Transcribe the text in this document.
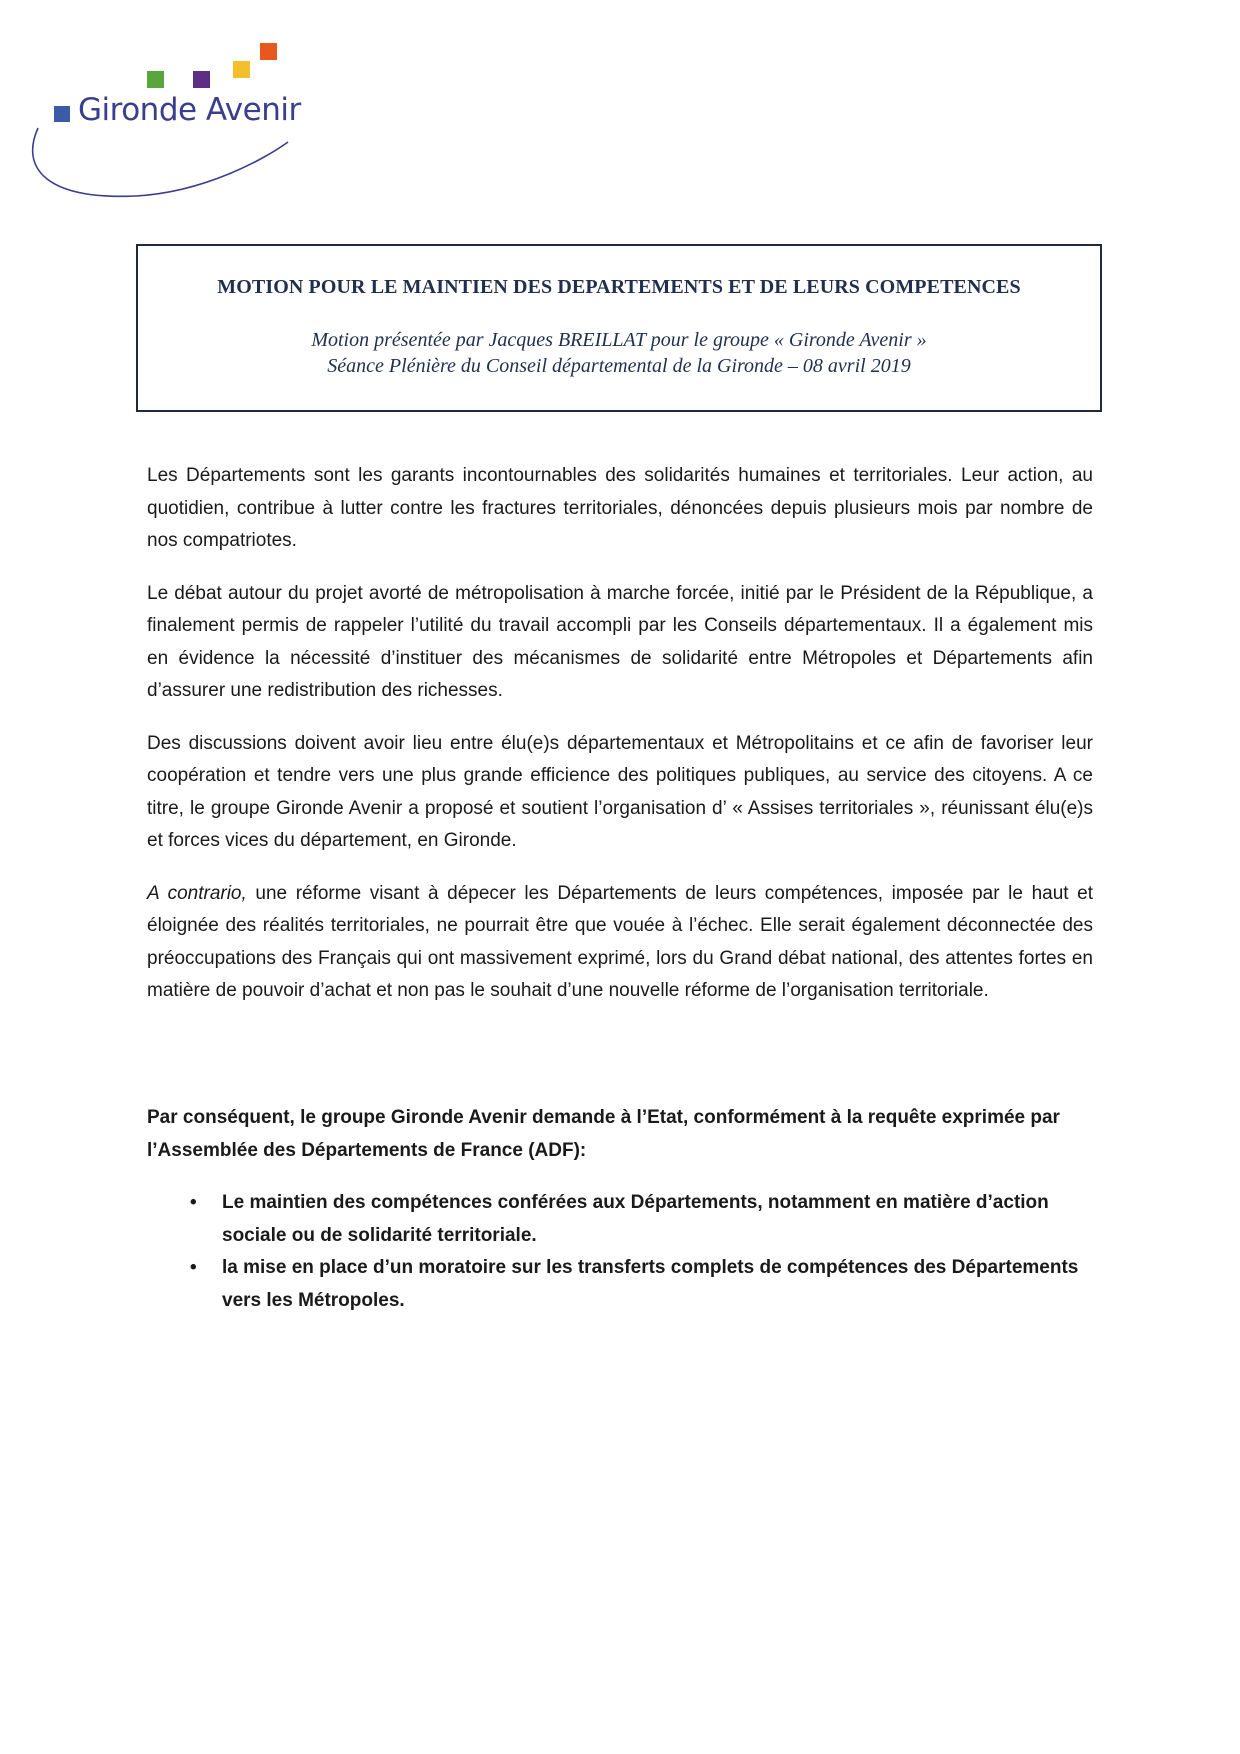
Gironde Avenir
MOTION POUR LE MAINTIEN DES DEPARTEMENTS ET DE LEURS COMPETENCES
Motion présentée par Jacques BREILLAT pour le groupe « Gironde Avenir »
Séance Plénière du Conseil départemental de la Gironde – 08 avril 2019

Les Départements sont les garants incontournables des solidarités humaines et territoriales. Leur action, au quotidien, contribue à lutter contre les fractures territoriales, dénoncées depuis plusieurs mois par nombre de nos compatriotes.

Le débat autour du projet avorté de métropolisation à marche forcée, initié par le Président de la République, a finalement permis de rappeler l’utilité du travail accompli par les Conseils départementaux. Il a également mis en évidence la nécessité d’instituer des mécanismes de solidarité entre Métropoles et Départements afin d’assurer une redistribution des richesses.

Des discussions doivent avoir lieu entre élu(e)s départementaux et Métropolitains et ce afin de favoriser leur coopération et tendre vers une plus grande efficience des politiques publiques, au service des citoyens. A ce titre, le groupe Gironde Avenir a proposé et soutient l’organisation d’ « Assises territoriales », réunissant élu(e)s et forces vices du département, en Gironde.

A contrario, une réforme visant à dépecer les Départements de leurs compétences, imposée par le haut et éloignée des réalités territoriales, ne pourrait être que vouée à l’échec. Elle serait également déconnectée des préoccupations des Français qui ont massivement exprimé, lors du Grand débat national, des attentes fortes en matière de pouvoir d’achat et non pas le souhait d’une nouvelle réforme de l’organisation territoriale.

Par conséquent, le groupe Gironde Avenir demande à l’Etat, conformément à la requête exprimée par l’Assemblée des Départements de France (ADF):

• Le maintien des compétences conférées aux Départements, notamment en matière d’action sociale ou de solidarité territoriale.
• la mise en place d’un moratoire sur les transferts complets de compétences des Départements vers les Métropoles.
